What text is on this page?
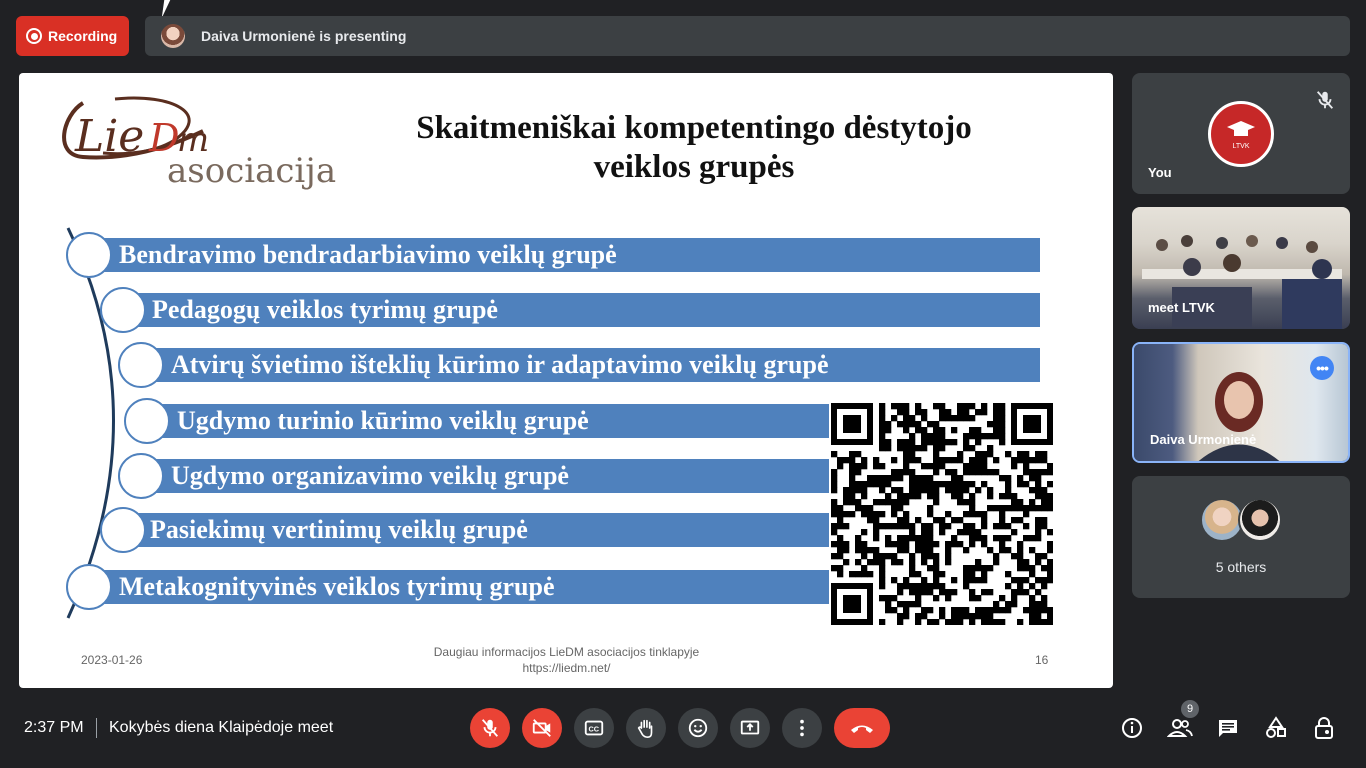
Recording	Daiva Urmonienė is presenting
Lie D
m
asociacija
Skaitmeniškai kompetentingo dėstytojo
veiklos grupės
Bendravimo bendradarbiavimo veiklų grupė
Pedagogų veiklos tyrimų grupė
Atvirų švietimo išteklių kūrimo ir adaptavimo veiklų grupė
Ugdymo turinio kūrimo veiklų grupė
Ugdymo organizavimo veiklų grupė
Pasiekimų vertinimų veiklų grupė
Metakognityvinės veiklos tyrimų grupė
2023-01-26
Daugiau informacijos LieDM asociacijos tinklapyje
https://liedm.net/
16
LTVK
You
meet LTVK
•••
Daiva Urmonienė
5 others
2:37 PM Kokybės diena Klaipėdoje meet	CC
9
